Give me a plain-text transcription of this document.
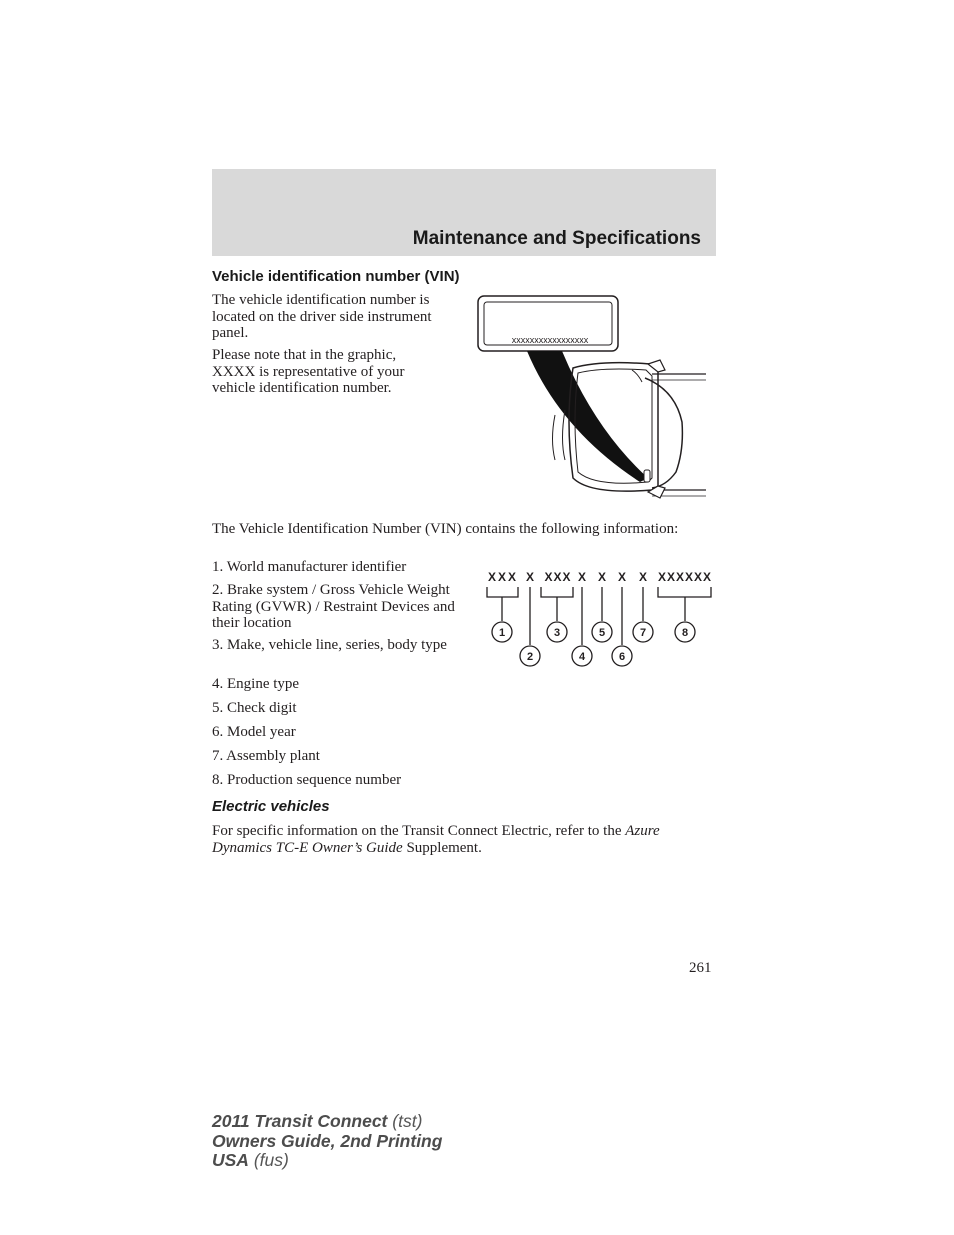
Maintenance and Specifications
Vehicle identification number (VIN)
The vehicle identification number is located on the driver side instrument panel.
Please note that in the graphic, XXXX is representative of your vehicle identification number.
xxxxxxxxxxxxxxxxx
The Vehicle Identification Number (VIN) contains the following information:
1. World manufacturer identifier
2. Brake system / Gross Vehicle Weight Rating (GVWR) / Restraint Devices and their location
3. Make, vehicle line, series, body type
4. Engine type
5. Check digit
6. Model year
7. Assembly plant
8. Production sequence number
XXX X XXX X X X X XXXXXX
1
2
3
4
5
6
7	8
Electric vehicles
For specific information on the Transit Connect Electric, refer to the Azure Dynamics TC-E Owner’s Guide Supplement.
261
2011 Transit Connect (tst)
Owners Guide, 2nd Printing
USA (fus)
